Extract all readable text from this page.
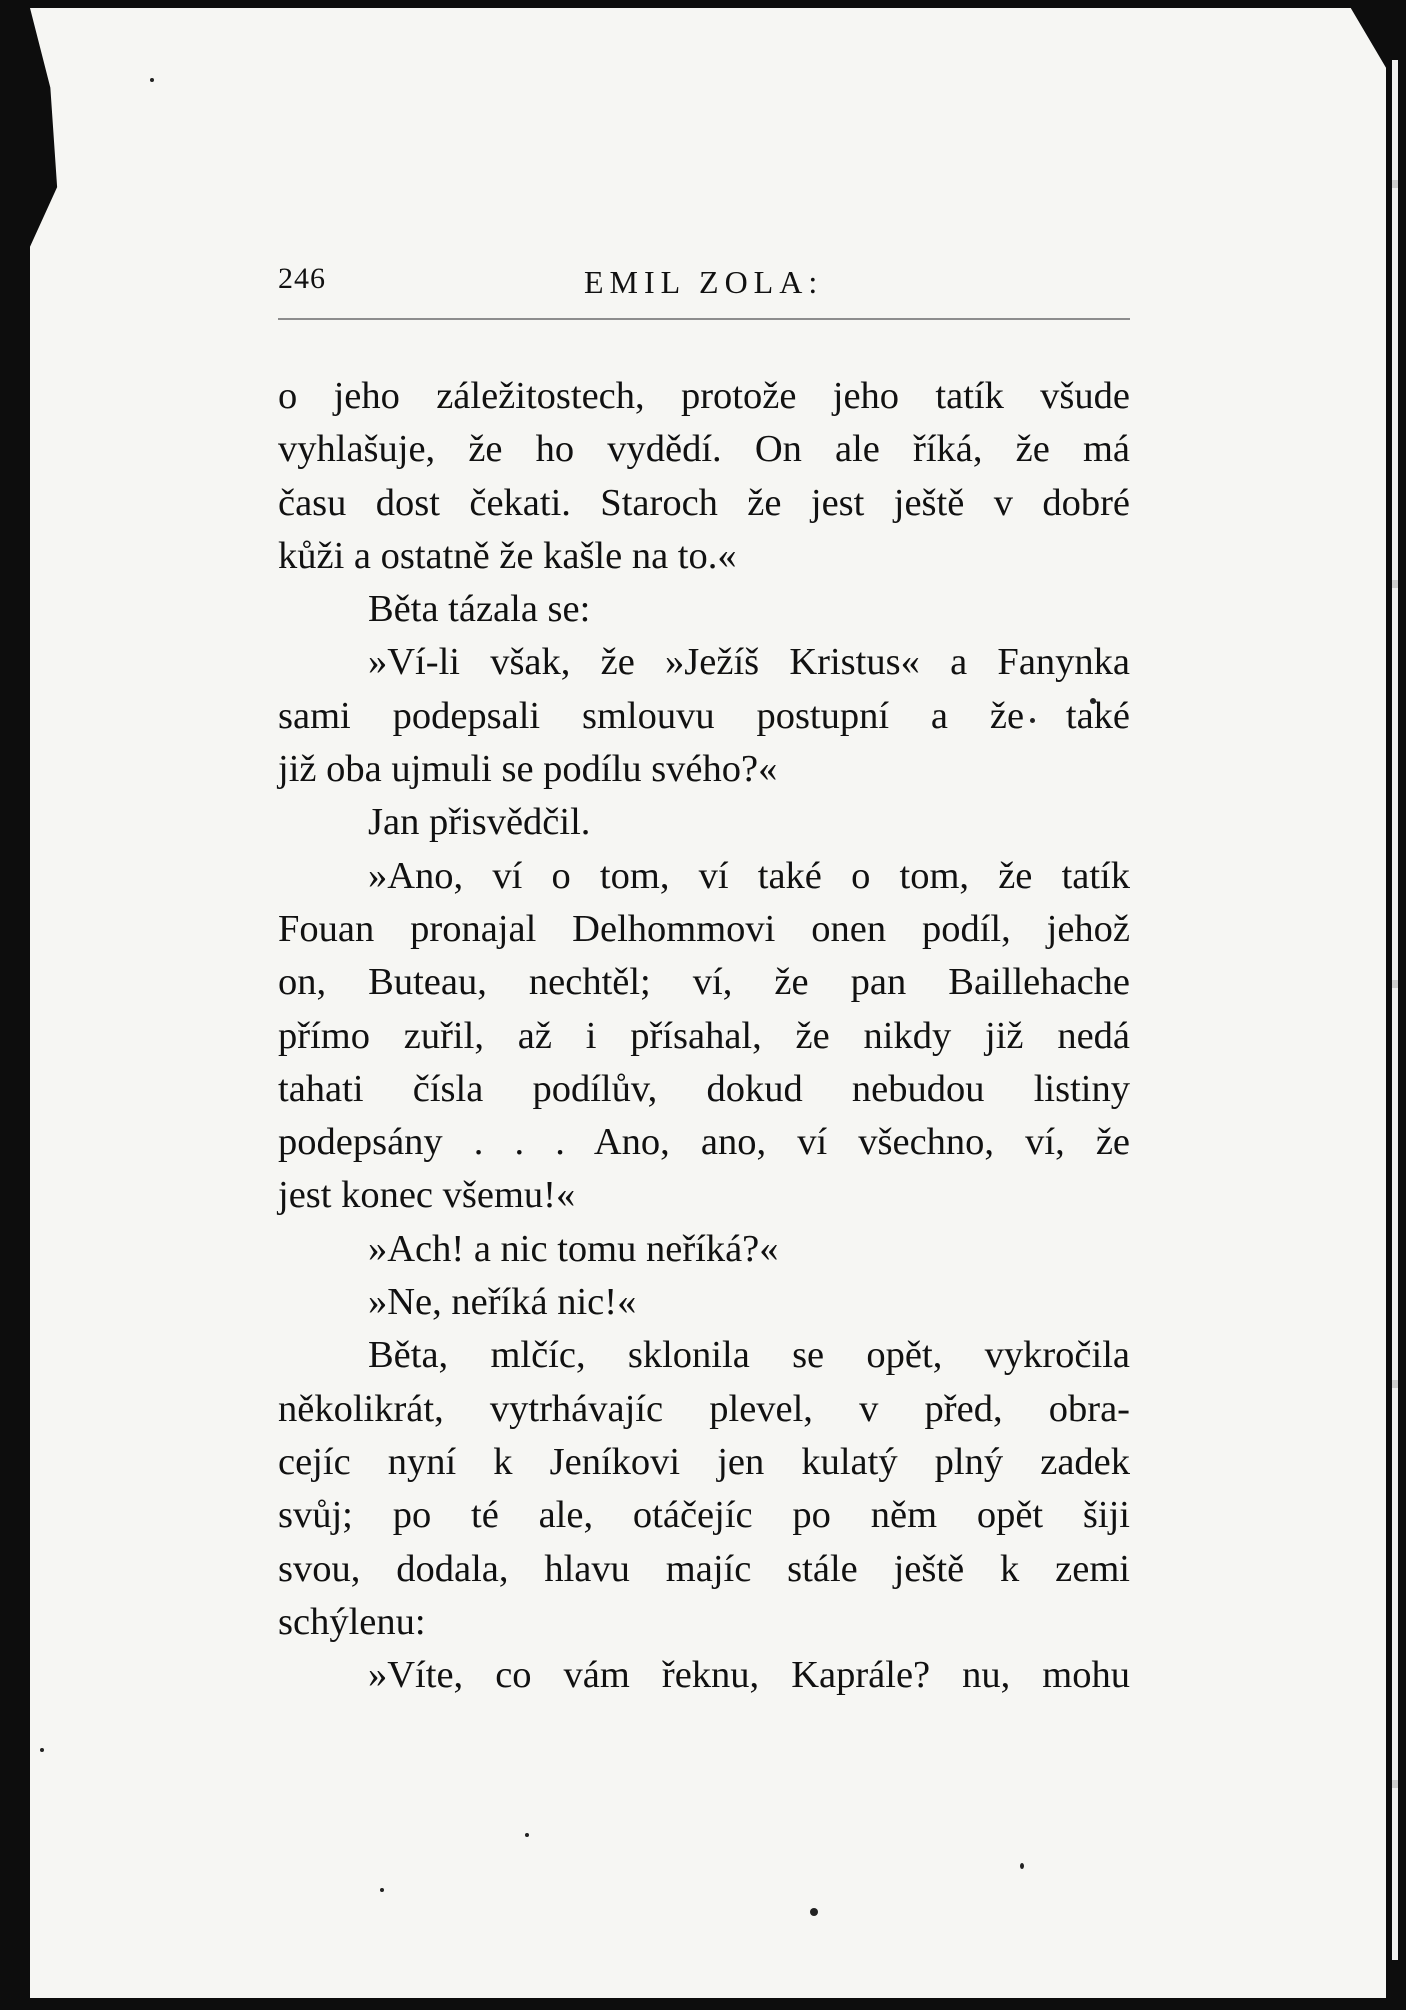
246	EMIL ZOLA:
o jeho záležitostech, protože jeho tatík všude
vyhlašuje, že ho vydědí. On ale říká, že má
času dost čekati. Staroch že jest ještě v dobré
kůži a ostatně že kašle na to.«
Běta tázala se:
»Ví-li však, že »Ježíš Kristus« a Fanynka
sami podepsali smlouvu postupní a že také
již oba ujmuli se podílu svého?«
Jan přisvědčil.
»Ano, ví o tom, ví také o tom, že tatík
Fouan pronajal Delhommovi onen podíl, jehož
on, Buteau, nechtěl; ví, že pan Baillehache
přímo zuřil, až i přísahal, že nikdy již nedá
tahati čísla podílův, dokud nebudou listiny
podepsány . . . Ano, ano, ví všechno, ví, že
jest konec všemu!«
»Ach! a nic tomu neříká?«
»Ne, neříká nic!«
Běta, mlčíc, sklonila se opět, vykročila
několikrát, vytrhávajíc plevel, v před, obra-
cejíc nyní k Jeníkovi jen kulatý plný zadek
svůj; po té ale, otáčejíc po něm opět šiji
svou, dodala, hlavu majíc stále ještě k zemi
schýlenu:
»Víte, co vám řeknu, Kaprále? nu, mohu
